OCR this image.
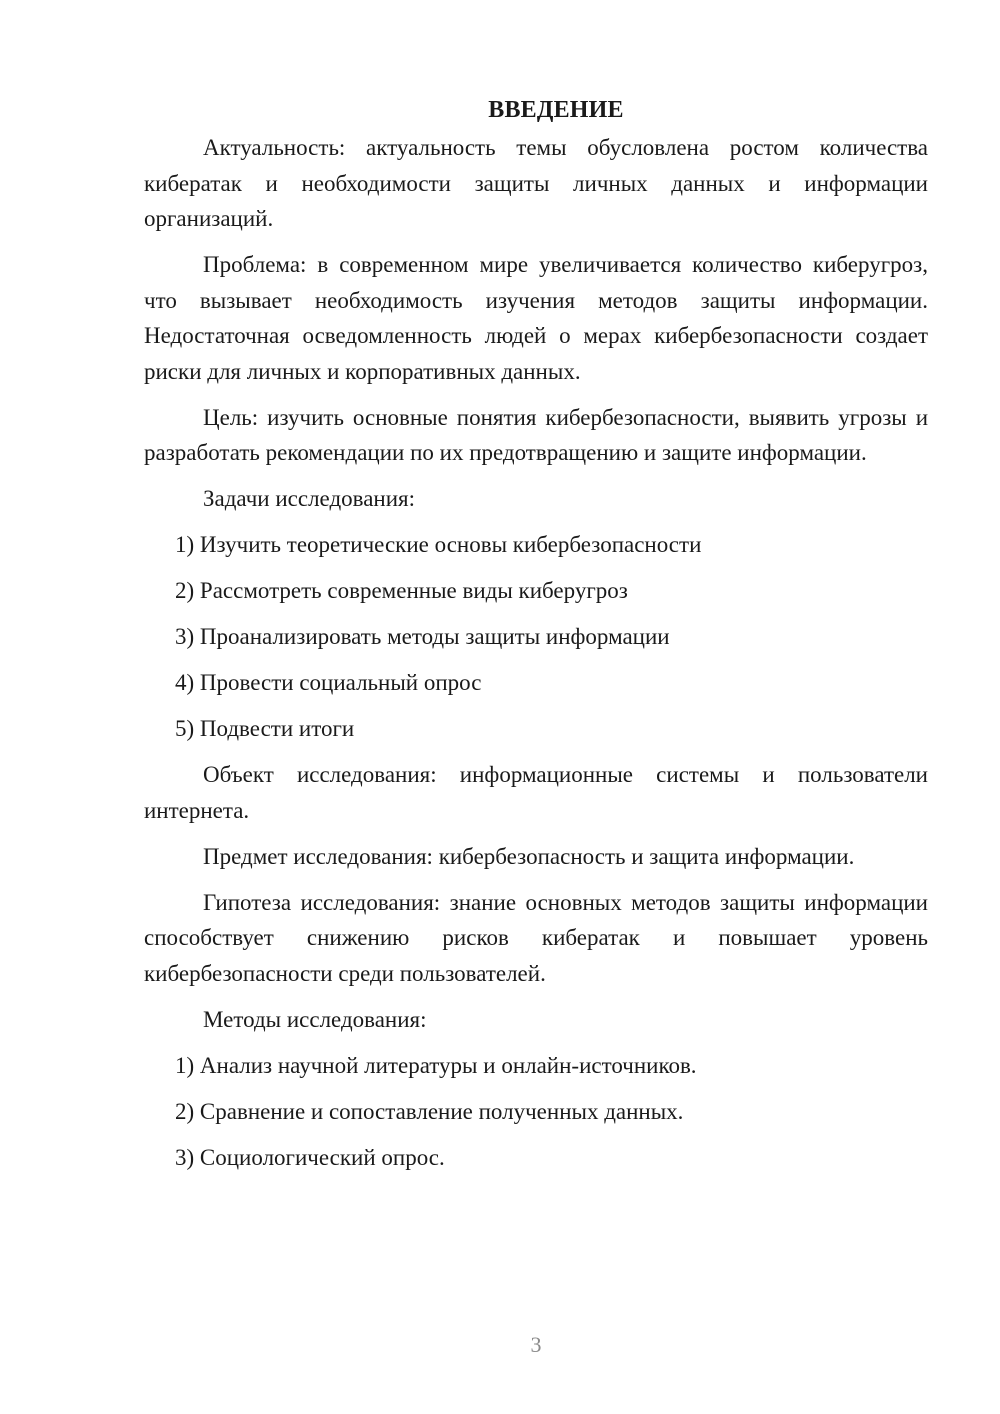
ВВЕДЕНИЕ

Актуальность: актуальность темы обусловлена ростом количества кибератак и необходимости защиты личных данных и информации организаций.

Проблема: в современном мире увеличивается количество киберугроз, что вызывает необходимость изучения методов защиты информации. Недостаточная осведомленность людей о мерах кибербезопасности создает риски для личных и корпоративных данных.

Цель: изучить основные понятия кибербезопасности, выявить угрозы и разработать рекомендации по их предотвращению и защите информации.

Задачи исследования:

1) Изучить теоретические основы кибербезопасности
2) Рассмотреть современные виды киберугроз
3) Проанализировать методы защиты информации
4) Провести социальный опрос
5) Подвести итоги

Объект исследования: информационные системы и пользователи интернета.

Предмет исследования: кибербезопасность и защита информации.

Гипотеза исследования: знание основных методов защиты информации способствует снижению рисков кибератак и повышает уровень кибербезопасности среди пользователей.

Методы исследования:

1) Анализ научной литературы и онлайн-источников.
2) Сравнение и сопоставление полученных данных.
3) Социологический опрос.
3
